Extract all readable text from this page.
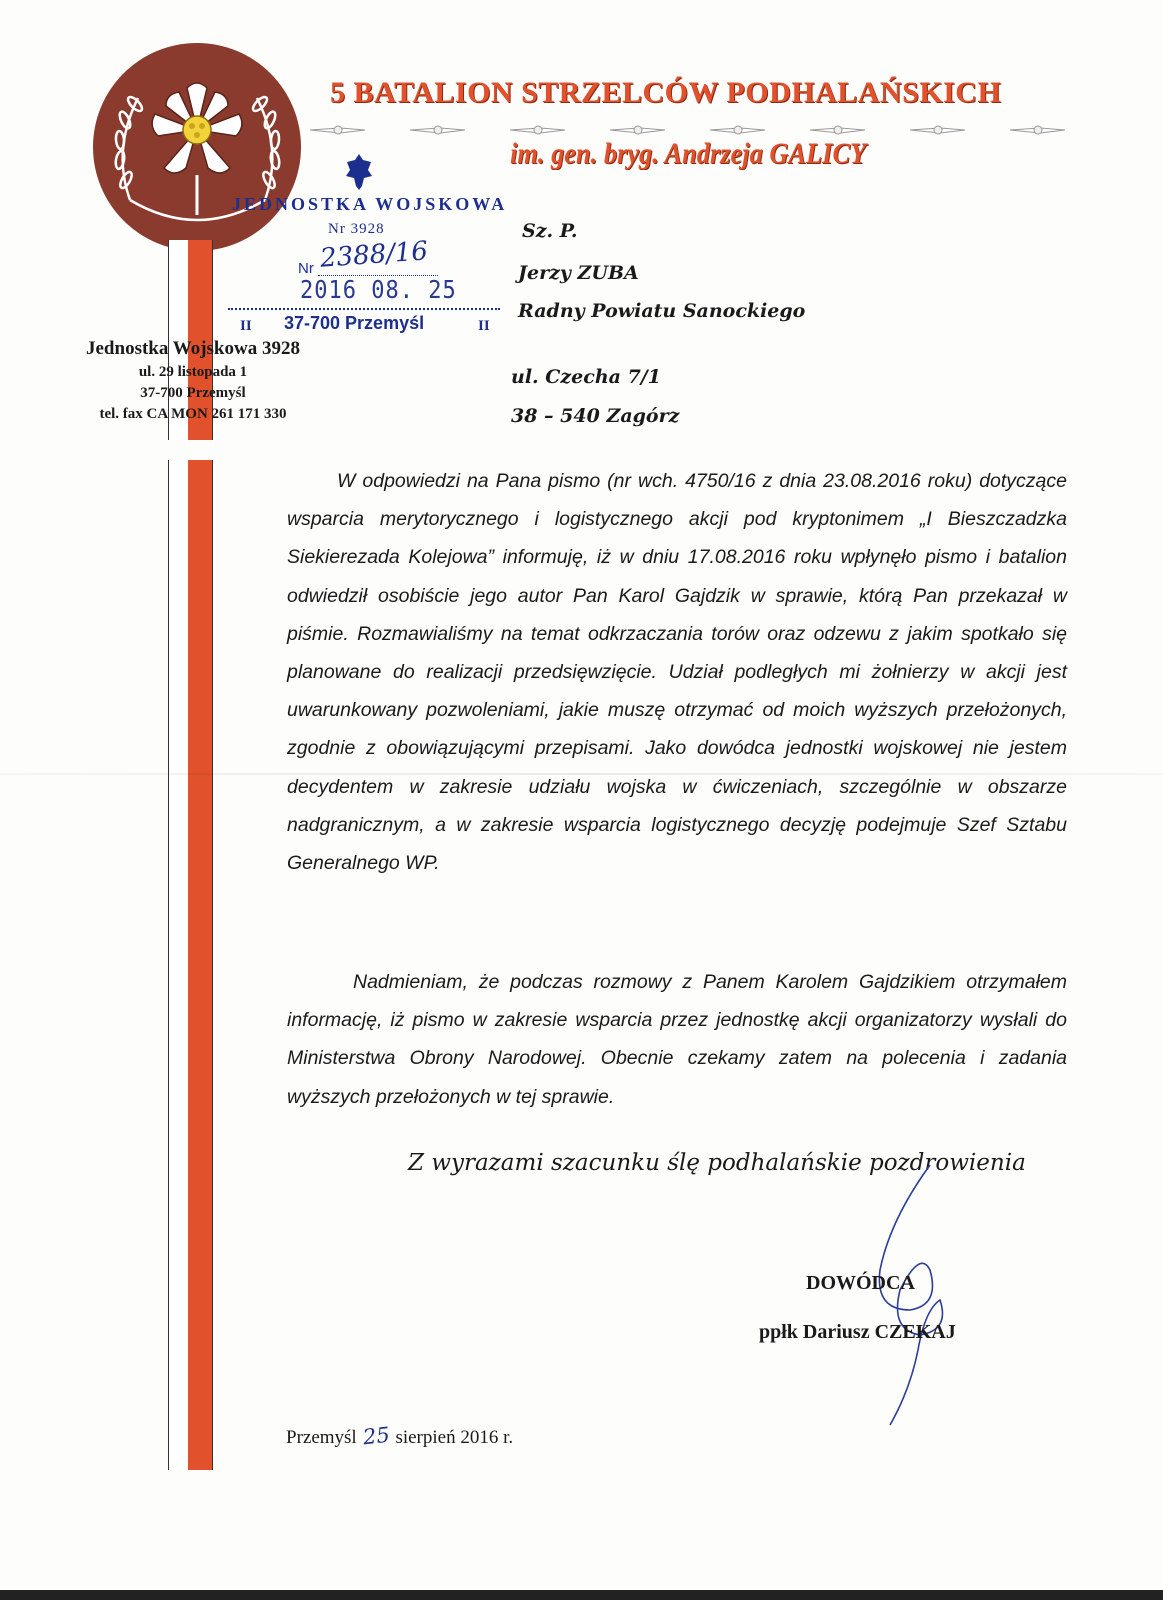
5 BATALION STRZELCÓW PODHALAŃSKICH
im. gen. bryg. Andrzeja GALICY
JEDNOSTKA WOJSKOWA
Nr 3928
Nr 2388/16
2016 08. 25
II 37-700 Przemyśl	II
Jednostka Wojskowa 3928
ul. 29 listopada 1
37-700 Przemyśl
tel. fax CA MON 261 171 330
Sz. P.
Jerzy ZUBA
Radny Powiatu Sanockiego
ul. Czecha 7/1
38 – 540 Zagórz
W odpowiedzi na Pana pismo (nr wch. 4750/16 z dnia 23.08.2016 roku) dotyczące wsparcia merytorycznego i logistycznego akcji pod kryptonimem „I Bieszczadzka Siekierezada Kolejowa” informuję, iż w dniu 17.08.2016 roku wpłynęło pismo i batalion odwiedził osobiście jego autor Pan Karol Gajdzik w sprawie, którą Pan przekazał w piśmie. Rozmawialiśmy na temat odkrzaczania torów oraz odzewu z jakim spotkało się planowane do realizacji przedsięwzięcie. Udział podległych mi żołnierzy w akcji jest uwarunkowany pozwoleniami, jakie muszę otrzymać od moich wyższych przełożonych, zgodnie z obowiązującymi przepisami. Jako dowódca jednostki wojskowej nie jestem decydentem w zakresie udziału wojska w ćwiczeniach, szczególnie w obszarze nadgranicznym, a w zakresie wsparcia logistycznego decyzję podejmuje Szef Sztabu Generalnego WP.
Nadmieniam, że podczas rozmowy z Panem Karolem Gajdzikiem otrzymałem informację, iż pismo w zakresie wsparcia przez jednostkę akcji organizatorzy wysłali do Ministerstwa Obrony Narodowej. Obecnie czekamy zatem na polecenia i zadania wyższych przełożonych w tej sprawie.
Z wyrazami szacunku ślę podhalańskie pozdrowienia
DOWÓDCA
ppłk Dariusz CZEKAJ
Przemyśl 25 sierpień 2016 r.
